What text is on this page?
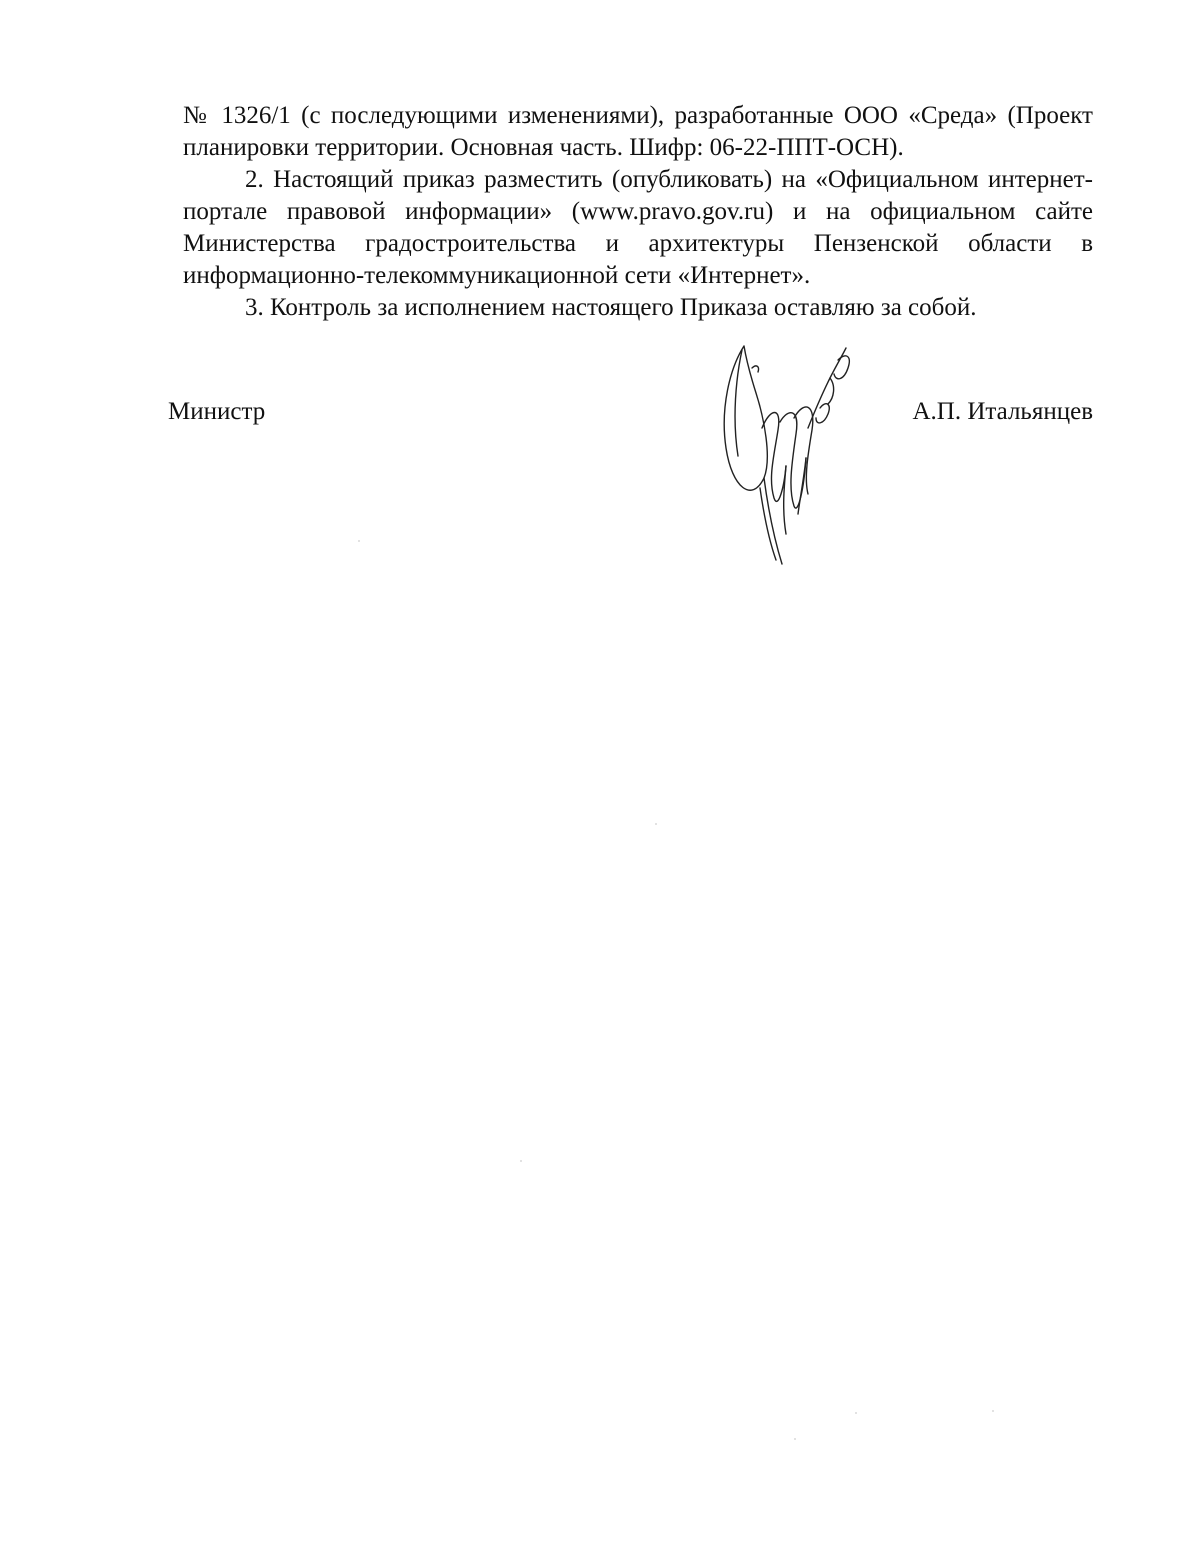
№ 1326/1 (с последующими изменениями), разработанные ООО «Среда» (Проект планировки территории. Основная часть. Шифр: 06-22-ППТ-ОСН).

2. Настоящий приказ разместить (опубликовать) на «Официальном интернет-портале правовой информации» (www.pravo.gov.ru) и на официальном сайте Министерства градостроительства и архитектуры Пензенской области в информационно-телекоммуникационной сети «Интернет».

3. Контроль за исполнением настоящего Приказа оставляю за собой.

Министр	А.П. Итальянцев
